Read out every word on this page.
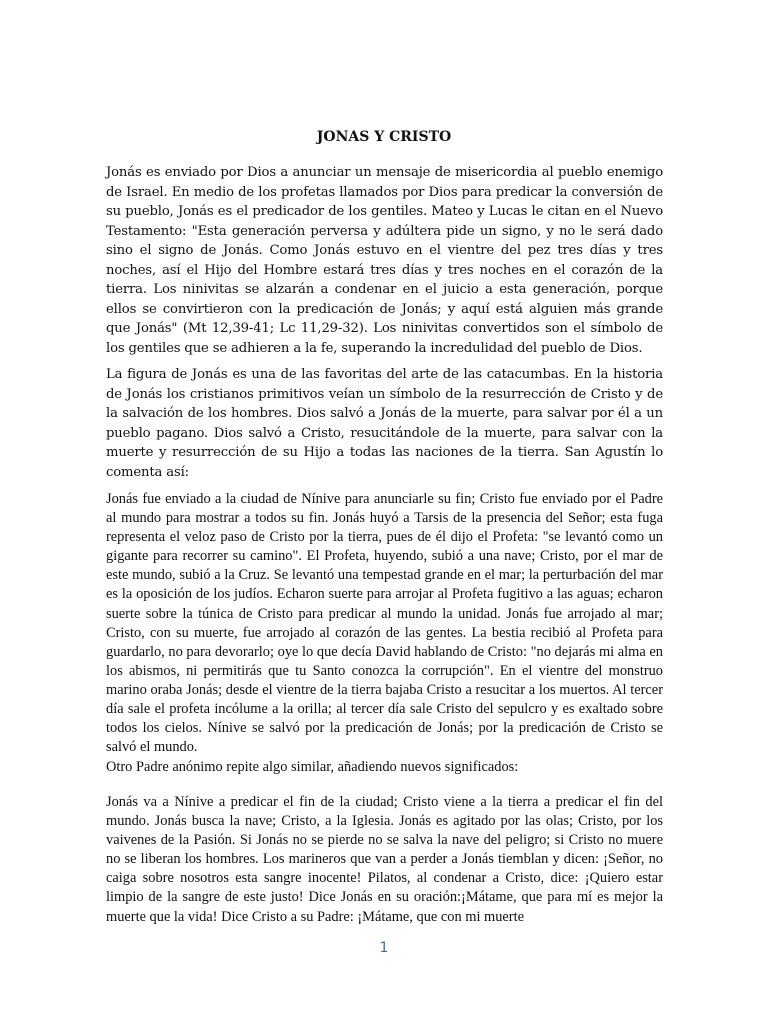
JONAS Y CRISTO

Jonás es enviado por Dios a anunciar un mensaje de misericordia al pueblo enemigo de Israel. En medio de los profetas llamados por Dios para predicar la conversión de su pueblo, Jonás es el predicador de los gentiles. Mateo y Lucas le citan en el Nuevo Testamento: "Esta generación perversa y adúltera pide un signo, y no le será dado sino el signo de Jonás. Como Jonás estuvo en el vientre del pez tres días y tres noches, así el Hijo del Hombre estará tres días y tres noches en el corazón de la tierra. Los ninivitas se alzarán a condenar en el juicio a esta generación, porque ellos se convirtieron con la predicación de Jonás; y aquí está alguien más grande que Jonás" (Mt 12,39-41; Lc 11,29-32). Los ninivitas convertidos son el símbolo de los gentiles que se adhieren a la fe, superando la incredulidad del pueblo de Dios.

La figura de Jonás es una de las favoritas del arte de las catacumbas. En la historia de Jonás los cristianos primitivos veían un símbolo de la resurrección de Cristo y de la salvación de los hombres. Dios salvó a Jonás de la muerte, para salvar por él a un pueblo pagano. Dios salvó a Cristo, resucitándole de la muerte, para salvar con la muerte y resurrección de su Hijo a todas las naciones de la tierra. San Agustín lo comenta así:

Jonás fue enviado a la ciudad de Nínive para anunciarle su fin; Cristo fue enviado por el Padre al mundo para mostrar a todos su fin. Jonás huyó a Tarsis de la presencia del Señor; esta fuga representa el veloz paso de Cristo por la tierra, pues de él dijo el Profeta: "se levantó como un gigante para recorrer su camino". El Profeta, huyendo, subió a una nave; Cristo, por el mar de este mundo, subió a la Cruz. Se levantó una tempestad grande en el mar; la perturbación del mar es la oposición de los judíos. Echaron suerte para arrojar al Profeta fugitivo a las aguas; echaron suerte sobre la túnica de Cristo para predicar al mundo la unidad. Jonás fue arrojado al mar; Cristo, con su muerte, fue arrojado al corazón de las gentes. La bestia recibió al Profeta para guardarlo, no para devorarlo; oye lo que decía David hablando de Cristo: "no dejarás mi alma en los abismos, ni permitirás que tu Santo conozca la corrupción". En el vientre del monstruo marino oraba Jonás; desde el vientre de la tierra bajaba Cristo a resucitar a los muertos. Al tercer día sale el profeta incólume a la orilla; al tercer día sale Cristo del sepulcro y es exaltado sobre todos los cielos. Nínive se salvó por la predicación de Jonás; por la predicación de Cristo se salvó el mundo.

Otro Padre anónimo repite algo similar, añadiendo nuevos significados:

Jonás va a Nínive a predicar el fin de la ciudad; Cristo viene a la tierra a predicar el fin del mundo. Jonás busca la nave; Cristo, a la Iglesia. Jonás es agitado por las olas; Cristo, por los vaivenes de la Pasión. Si Jonás no se pierde no se salva la nave del peligro; si Cristo no muere no se liberan los hombres. Los marineros que van a perder a Jonás tiemblan y dicen: ¡Señor, no caiga sobre nosotros esta sangre inocente! Pilatos, al condenar a Cristo, dice: ¡Quiero estar limpio de la sangre de este justo! Dice Jonás en su oración:¡Mátame, que para mí es mejor la muerte que la vida! Dice Cristo a su Padre: ¡Mátame, que con mi muerte

1
